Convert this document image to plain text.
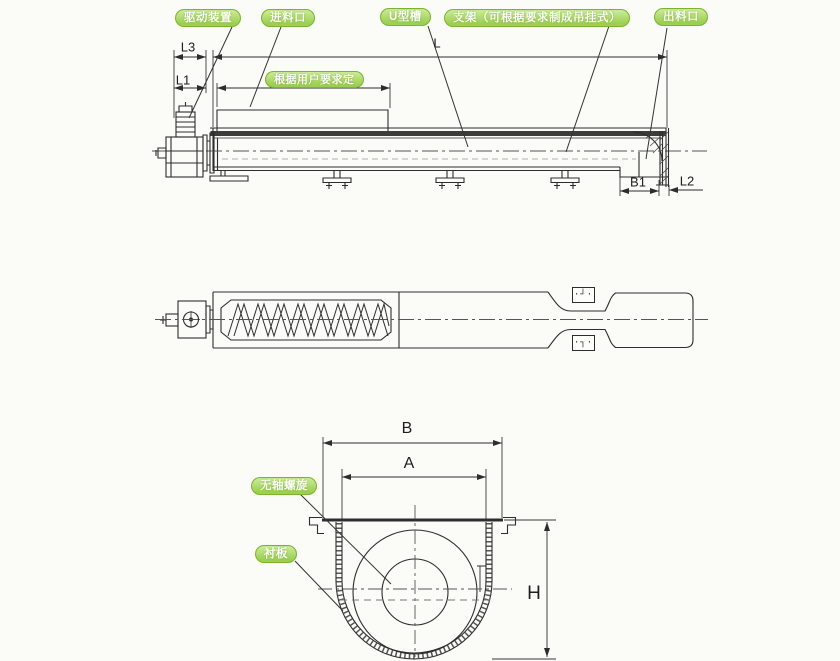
驱动装置	进料口	U型槽	支架（可根据要求制成吊挂式）	出料口
根据用户要求定
无轴螺旋
衬板
L3
L1
L
B1	L2
B
A
H
·┘·
·┐·
